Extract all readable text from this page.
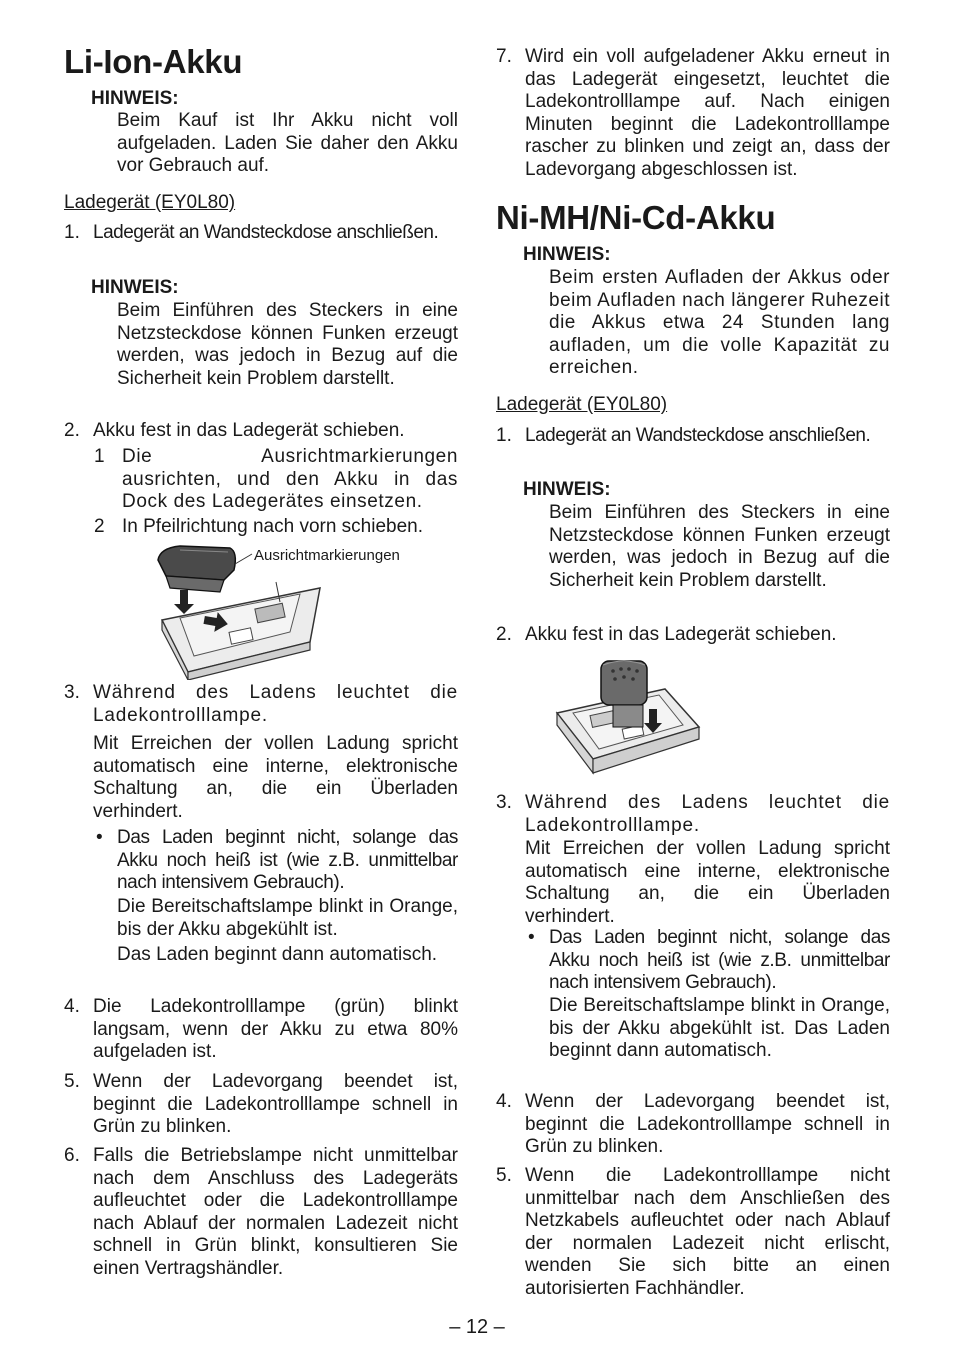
Li-Ion-Akku
HINWEIS:
Beim Kauf ist Ihr Akku nicht voll aufgeladen. Laden Sie daher den Akku vor Gebrauch auf.
Ladegerät (EY0L80)
1. Ladegerät an Wandsteckdose anschließen.
HINWEIS:
Beim Einführen des Steckers in eine Netzsteckdose können Funken erzeugt werden, was jedoch in Bezug auf die Sicherheit kein Problem darstellt.
2. Akku fest in das Ladegerät schieben.
1 Die Ausrichtmarkierungen ausrichten, und den Akku in das Dock des Ladegerätes einsetzen.
2 In Pfeilrichtung nach vorn schieben.
Ausrichtmarkierungen
3. Während des Ladens leuchtet die Ladekontrolllampe.
Mit Erreichen der vollen Ladung spricht automatisch eine interne, elektronische Schaltung an, die ein Überladen verhindert.
• Das Laden beginnt nicht, solange das Akku noch heiß ist (wie z.B. unmittelbar nach intensivem Gebrauch).
Die Bereitschaftslampe blinkt in Orange, bis der Akku abgekühlt ist.
Das Laden beginnt dann automatisch.
4. Die Ladekontrolllampe (grün) blinkt langsam, wenn der Akku zu etwa 80% aufgeladen ist.
5. Wenn der Ladevorgang beendet ist, beginnt die Ladekontrolllampe schnell in Grün zu blinken.
6. Falls die Betriebslampe nicht unmittelbar nach dem Anschluss des Ladegeräts aufleuchtet oder die Ladekontrolllampe nach Ablauf der normalen Ladezeit nicht schnell in Grün blinkt, konsultieren Sie einen Vertragshändler.
7. Wird ein voll aufgeladener Akku erneut in das Ladegerät eingesetzt, leuchtet die Ladekontrolllampe auf. Nach einigen Minuten beginnt die Ladekontrolllampe rascher zu blinken und zeigt an, dass der Ladevorgang abgeschlossen ist.
Ni-MH/Ni-Cd-Akku
HINWEIS:
Beim ersten Aufladen der Akkus oder beim Aufladen nach längerer Ruhezeit die Akkus etwa 24 Stunden lang aufladen, um die volle Kapazität zu erreichen.
Ladegerät (EY0L80)
1. Ladegerät an Wandsteckdose anschließen.
HINWEIS:
Beim Einführen des Steckers in eine Netzsteckdose können Funken erzeugt werden, was jedoch in Bezug auf die Sicherheit kein Problem darstellt.
2. Akku fest in das Ladegerät schieben.
3. Während des Ladens leuchtet die Ladekontrolllampe.
Mit Erreichen der vollen Ladung spricht automatisch eine interne, elektronische Schaltung an, die ein Überladen verhindert.
• Das Laden beginnt nicht, solange das Akku noch heiß ist (wie z.B. unmittelbar nach intensivem Gebrauch).
Die Bereitschaftslampe blinkt in Orange, bis der Akku abgekühlt ist. Das Laden beginnt dann automatisch.
4. Wenn der Ladevorgang beendet ist, beginnt die Ladekontrolllampe schnell in Grün zu blinken.
5. Wenn die Ladekontrolllampe nicht unmittelbar nach dem Anschließen des Netzkabels aufleuchtet oder nach Ablauf der normalen Ladezeit nicht erlischt, wenden Sie sich bitte an einen autorisierten Fachhändler.
– 12 –
